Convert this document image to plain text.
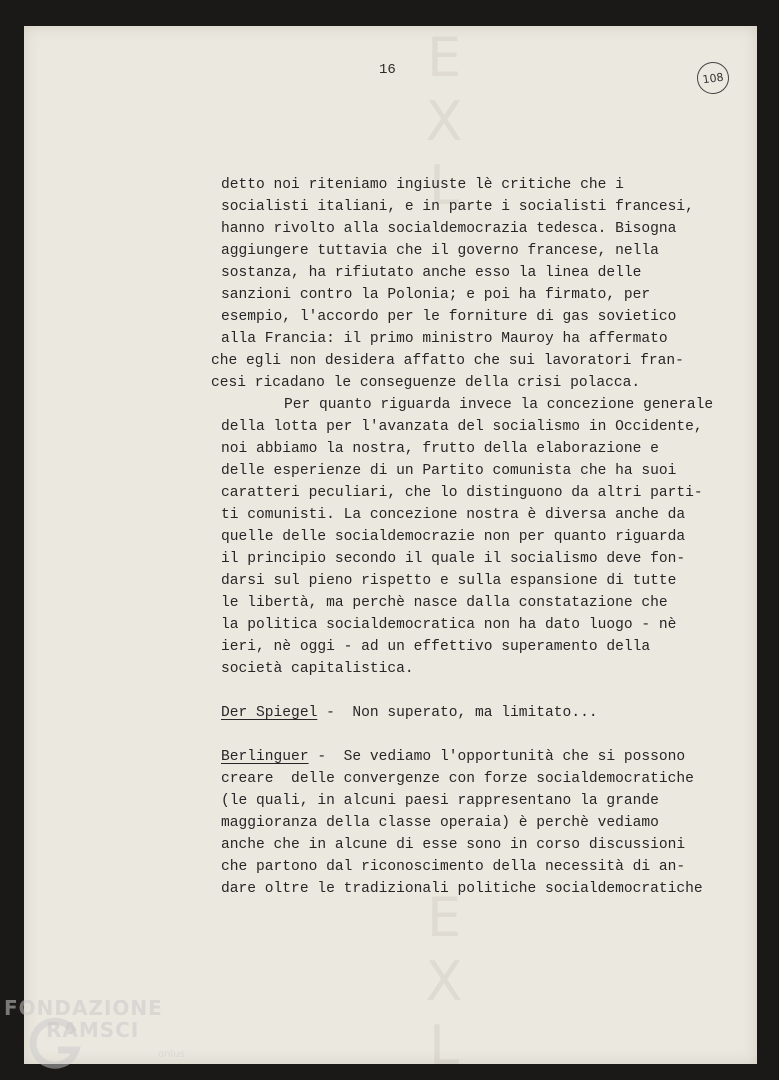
E
X
L
E
X
L
16	108
detto noi riteniamo ingiuste lè critiche che i
socialisti italiani, e in parte i socialisti francesi,
hanno rivolto alla socialdemocrazia tedesca. Bisogna
aggiungere tuttavia che il governo francese, nella
sostanza, ha rifiutato anche esso la linea delle
sanzioni contro la Polonia; e poi ha firmato, per
esempio, l'accordo per le forniture di gas sovietico
alla Francia: il primo ministro Mauroy ha affermato
che egli non desidera affatto che sui lavoratori fran-
cesi ricadano le conseguenze della crisi polacca.
Per quanto riguarda invece la concezione generale
della lotta per l'avanzata del socialismo in Occidente,
noi abbiamo la nostra, frutto della elaborazione e
delle esperienze di un Partito comunista che ha suoi
caratteri peculiari, che lo distinguono da altri parti-
ti comunisti. La concezione nostra è diversa anche da
quelle delle socialdemocrazie non per quanto riguarda
il principio secondo il quale il socialismo deve fon-
darsi sul pieno rispetto e sulla espansione di tutte
le libertà, ma perchè nasce dalla constatazione che
la politica socialdemocratica non ha dato luogo - nè
ieri, nè oggi - ad un effettivo superamento della
società capitalistica.
Der Spiegel -  Non superato, ma limitato...
Berlinguer -  Se vediamo l'opportunità che si possono
creare  delle convergenze con forze socialdemocratiche
(le quali, in alcuni paesi rappresentano la grande
maggioranza della classe operaia) è perchè vediamo
anche che in alcune di esse sono in corso discussioni
che partono dal riconoscimento della necessità di an-
dare oltre le tradizionali politiche socialdemocratiche
FONDAZIONE
RAMSCI
onlus
